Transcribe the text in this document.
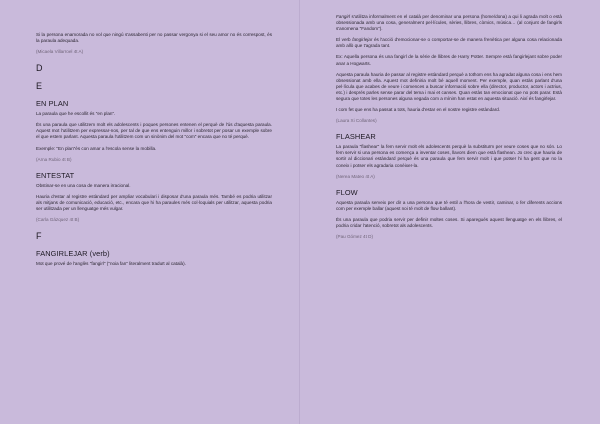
Si la persona enamorada no vol que ningú s'assabenti per no passar vergonya si el seu amor no és correspost, és la paraula adequada.

(Micaela Villarroel 4t A)
D
E
EN PLAN

La paraula que he escollit és "en plan".

És una paraula que utilitzem molt els adolescents i poques persones entenen el perquè de l'ús d'aquesta paraula. Aquest mot l'utilitzem per expressar-nos, per tal de que ens entenguin millor i sobretot per posar un exemple sobre el que estem parlant. Aquesta paraula l'utilitzem com un sinònim del mot "com" encara que no té perquè.

Exemple: "En plan"ès con amar a l'escola sense la mobilla.

(Arna Rubio 4t B)
ENTESTAT

Obstinar-se en una cosa de manera irracional.

Hauria d'estar al registre estàndard per ampliar vocabulari i disposar d'una paraula més. També es podria utilitzar als mitjans de comunicació, educació, etc., encara que hi ha paraules més col·loquials per utilitzar, aquesta podria ser utilitzada per un llenguatge més vulgar.

(Carla Gázquez 4t B)
F
FANGIRLEJAR (verb)

Mot que prové de l'anglès "fangirl" ("noia fan" literalment traduït al català).

Fangirl s'utilitza informalment en el català per denominar una persona (home/dona) a qui li agrada molt o està obsessionada amb una cosa, generalment pel·lícules, sèries, llibres, còmics, música… (al conjunt de fangirls s'anomena "Fandom").

El verb fangirlejar és l'acció d'emocionar-se o comportar-se de manera frenètica per alguna cosa relacionada amb allò que t'agrada tant.

Ex: Aquella persona és una fangirl de la sèrie de llibres de Harry Potter. Sempre està fangirlejant sobre poder anar a Hogwarts.

Aquesta paraula hauria de passar al registre estàndard perquè a tothom ens ha agradat alguna cosa i ens hem obsessionat amb ella. Aquest mot definiria molt bé aquell moment. Per exemple, quan estàs parlant d'una pel·lícula que acabes de veure i comences a buscar informació sobre ella (director, productor, actors i actrius, etc.) i després parles sense parar del tema i mai et canses. Quan estàs tan emocionat que no pots parar. Està segura que totes les persones alguna vegada com a mínim han estat en aquesta situació. Així és fangirlejar.

I com fet que ens ha passat a tots, hauria d'estar en el nostre registre estàndard.

(Laura Xi Collantes)
FLASHEAR

La paraula "flashear" la fem servir molt els adolescents perquè la substituïm per veure coses que no són. Lo fem servir si una persona es comença a inventar coses, llavors diem que està flashean. Jo crec que hauria de sortir al diccionari estàndard perquè és una paraula que fem servir molt i que potser hi ha gent que no la coneix i potser els agradaria conèixer-la.

(Nerea Mateo 4t A)
FLOW

Aquesta paraula serveix per dir a una persona que té estil a l'hora de vestir, caminar, o fer diferents accions com per exemple ballar (aquest noi té molt de flow ballant).

És una paraula que podria servir per definir moltes coses. Si aparegués aquest llenguatge en els llibres, el podria cridar l'atenció, sobretot als adolescents.

(Pau Gómez 4t D)
